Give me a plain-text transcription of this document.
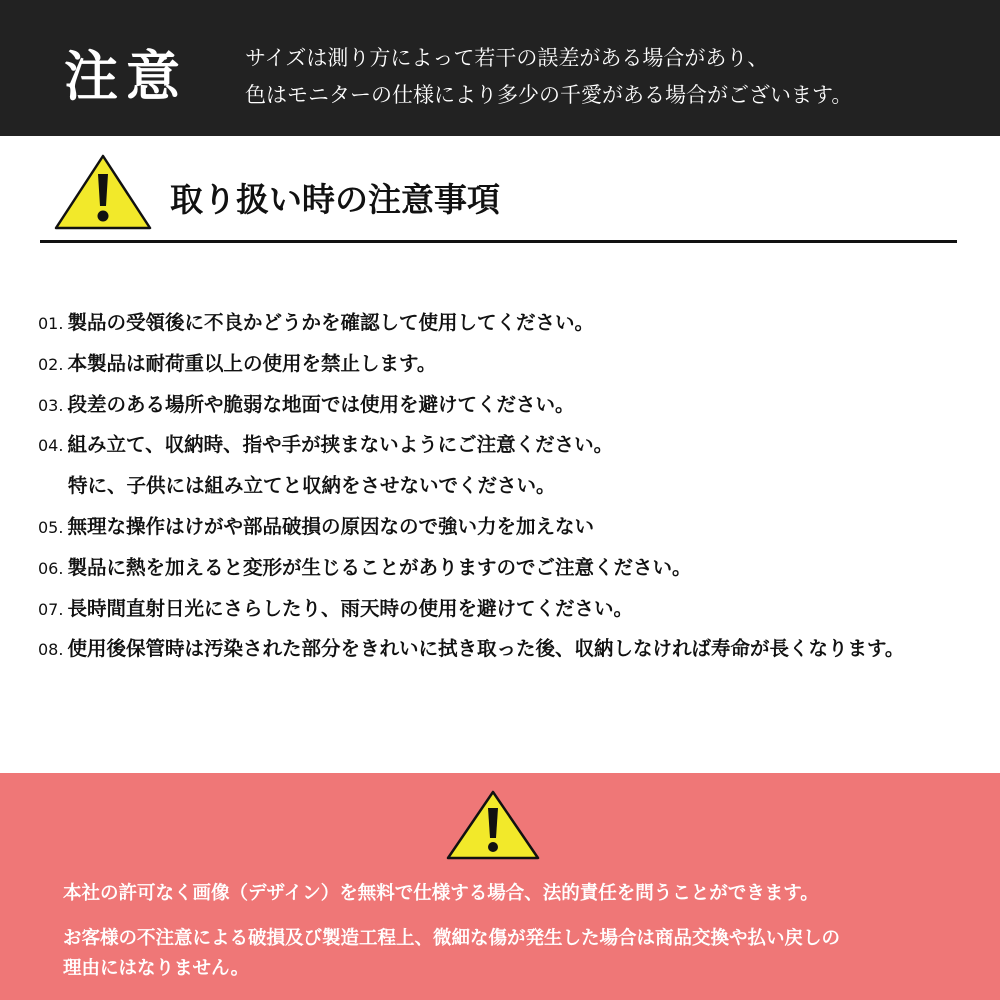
注意	サイズは測り方によって若干の誤差がある場合があり、
色はモニターの仕様により多少の千愛がある場合がございます。
取り扱い時の注意事項
01. 製品の受領後に不良かどうかを確認して使用してください。
02. 本製品は耐荷重以上の使用を禁止します。
03. 段差のある場所や脆弱な地面では使用を避けてください。
04. 組み立て、収納時、指や手が挟まないようにご注意ください。
特に、子供には組み立てと収納をさせないでください。
05. 無理な操作はけがや部品破損の原因なので強い力を加えない
06. 製品に熱を加えると変形が生じることがありますのでご注意ください。
07. 長時間直射日光にさらしたり、雨天時の使用を避けてください。
08. 使用後保管時は汚染された部分をきれいに拭き取った後、収納しなければ寿命が長くなります。
本社の許可なく画像（デザイン）を無料で仕様する場合、法的責任を問うことができます。
お客様の不注意による破損及び製造工程上、微細な傷が発生した場合は商品交換や払い戻しの
理由にはなりません。
